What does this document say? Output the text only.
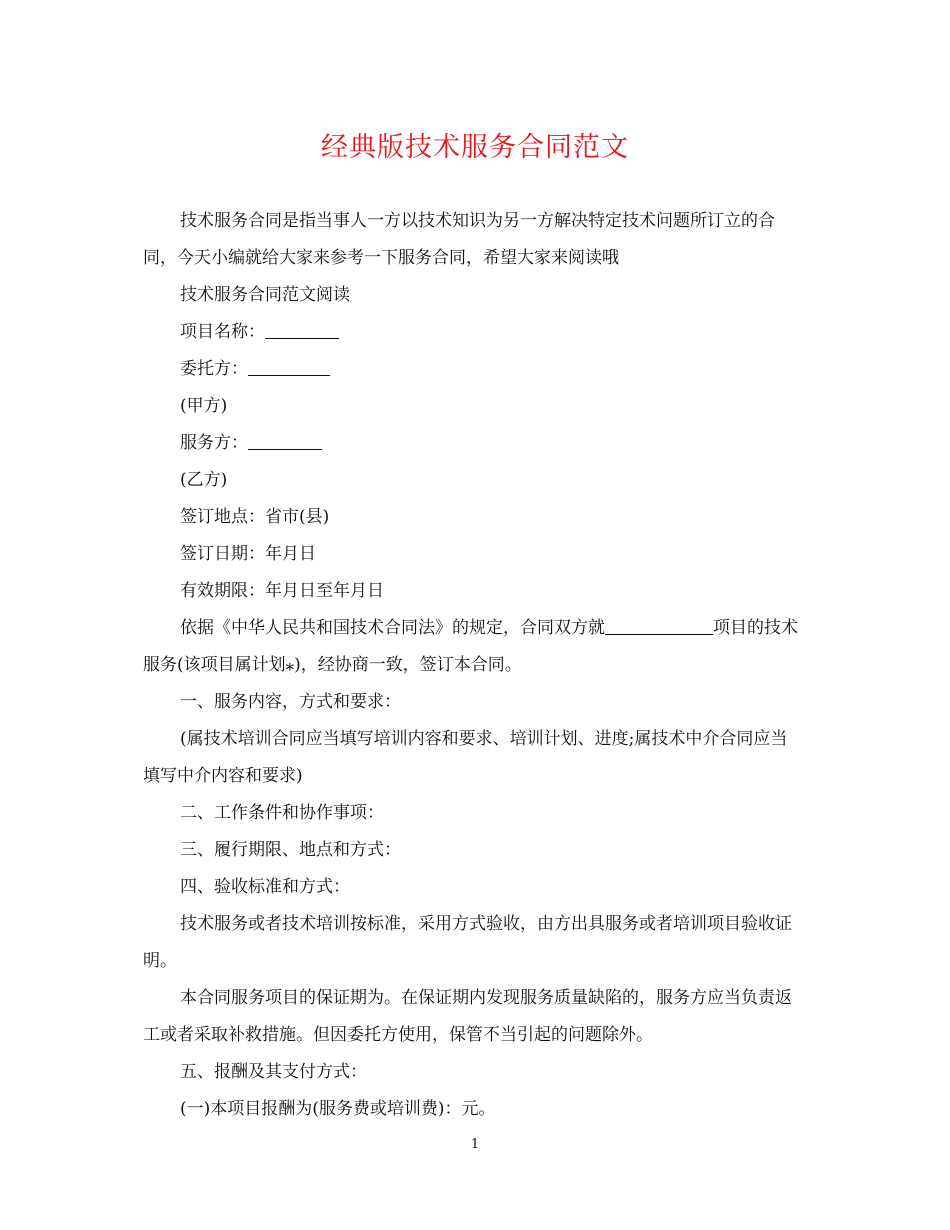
经典版技术服务合同范文

技术服务合同是指当事人一方以技术知识为另一方解决特定技术问题所订立的合同，今天小编就给大家来参考一下服务合同，希望大家来阅读哦

技术服务合同范文阅读

项目名称：

委托方：

(甲方)

服务方：

(乙方)

签订地点：省市(县)

签订日期：年月日

有效期限：年月日至年月日

依据《中华人民共和国技术合同法》的规定，合同双方就	项目的技术服务(该项目属计划⁎)，经协商一致，签订本合同。

一、服务内容，方式和要求：

(属技术培训合同应当填写培训内容和要求、培训计划、进度;属技术中介合同应当填写中介内容和要求)

二、工作条件和协作事项：

三、履行期限、地点和方式：

四、验收标准和方式：

技术服务或者技术培训按标准，采用方式验收，由方出具服务或者培训项目验收证明。

本合同服务项目的保证期为。在保证期内发现服务质量缺陷的，服务方应当负责返工或者采取补救措施。但因委托方使用，保管不当引起的问题除外。

五、报酬及其支付方式：

(一)本项目报酬为(服务费或培训费)：元。

1
